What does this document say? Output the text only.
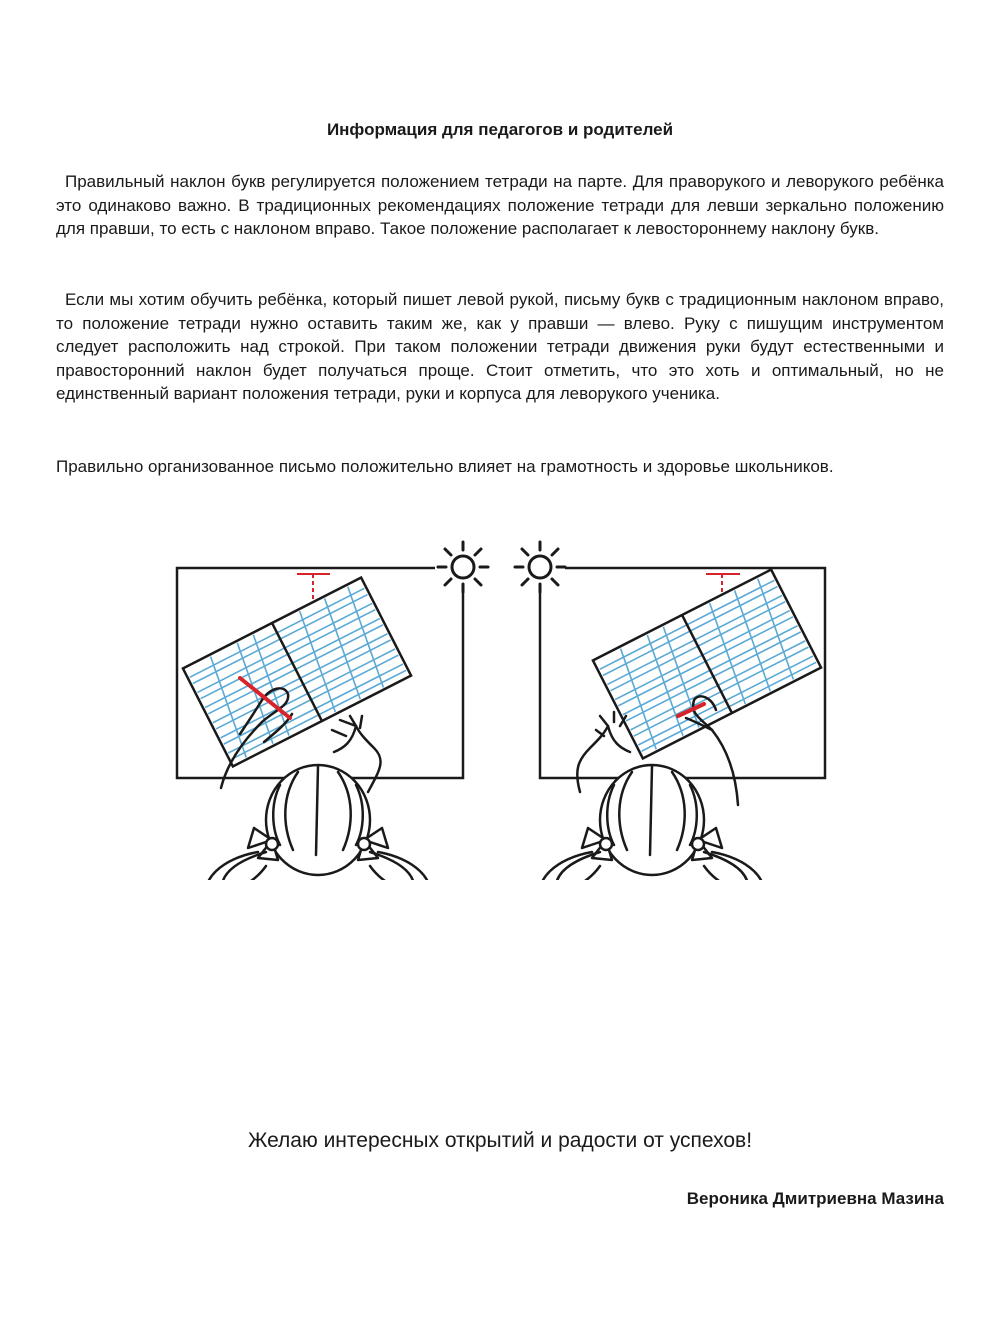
Информация для педагогов и родителей

Правильный наклон букв регулируется положением тетради на парте. Для праворукого и леворукого ребёнка это одинаково важно. В традиционных рекомендациях положение тетради для левши зеркально положению для правши, то есть с наклоном вправо. Такое положение располагает к левостороннему наклону букв.

Если мы хотим обучить ребёнка, который пишет левой рукой, письму букв с традиционным наклоном вправо, то положение тетради нужно оставить таким же, как у правши — влево. Руку с пишущим инструментом следует расположить над строкой. При таком положении тетради движения руки будут естественными и правосторонний наклон будет получаться проще. Стоит отметить, что это хоть и оптимальный, но не единственный вариант положения тетради, руки и корпуса для леворукого ученика.

Правильно организованное письмо положительно влияет на грамотность и здоровье школьников.

Желаю интересных открытий и радости от успехов!
Вероника Дмитриевна Мазина
